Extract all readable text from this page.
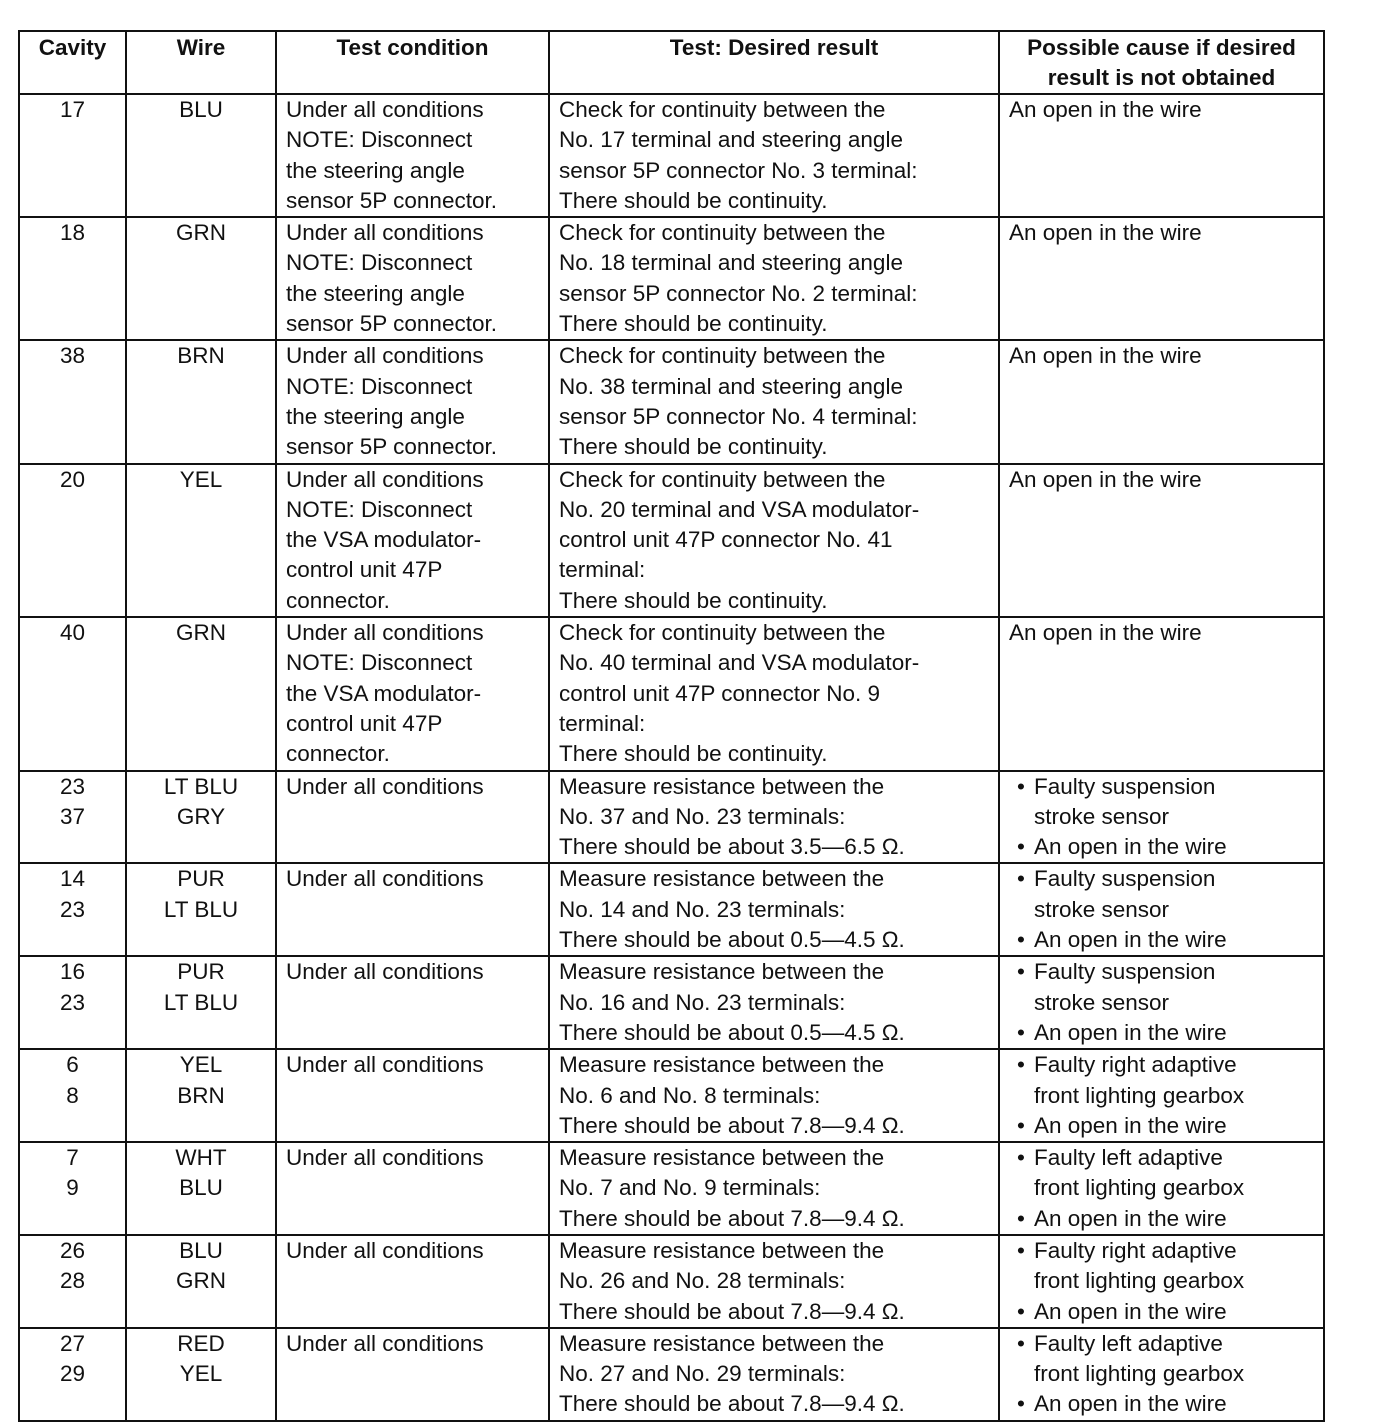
Cavity	Wire	Test condition	Test: Desired result	Possible cause if desired result is not obtained

17	BLU	Under all conditions
NOTE: Disconnect
the steering angle
sensor 5P connector.	Check for continuity between the
No. 17 terminal and steering angle
sensor 5P connector No. 3 terminal:
There should be continuity.	An open in the wire

18	GRN	Under all conditions
NOTE: Disconnect
the steering angle
sensor 5P connector.	Check for continuity between the
No. 18 terminal and steering angle
sensor 5P connector No. 2 terminal:
There should be continuity.	An open in the wire

38	BRN	Under all conditions
NOTE: Disconnect
the steering angle
sensor 5P connector.	Check for continuity between the
No. 38 terminal and steering angle
sensor 5P connector No. 4 terminal:
There should be continuity.	An open in the wire

20	YEL	Under all conditions
NOTE: Disconnect
the VSA modulator-
control unit 47P
connector.	Check for continuity between the
No. 20 terminal and VSA modulator-
control unit 47P connector No. 41
terminal:
There should be continuity.	An open in the wire

40	GRN	Under all conditions
NOTE: Disconnect
the VSA modulator-
control unit 47P
connector.	Check for continuity between the
No. 40 terminal and VSA modulator-
control unit 47P connector No. 9
terminal:
There should be continuity.	An open in the wire

23
37	LT BLU
GRY	Under all conditions	Measure resistance between the
No. 37 and No. 23 terminals:
There should be about 3.5—6.5 Ω.	• Faulty suspension
stroke sensor
• An open in the wire

14
23	PUR
LT BLU	Under all conditions	Measure resistance between the
No. 14 and No. 23 terminals:
There should be about 0.5—4.5 Ω.	• Faulty suspension
stroke sensor
• An open in the wire

16
23	PUR
LT BLU	Under all conditions	Measure resistance between the
No. 16 and No. 23 terminals:
There should be about 0.5—4.5 Ω.	• Faulty suspension
stroke sensor
• An open in the wire

6
8	YEL
BRN	Under all conditions	Measure resistance between the
No. 6 and No. 8 terminals:
There should be about 7.8—9.4 Ω.	• Faulty right adaptive
front lighting gearbox
• An open in the wire

7
9	WHT
BLU	Under all conditions	Measure resistance between the
No. 7 and No. 9 terminals:
There should be about 7.8—9.4 Ω.	• Faulty left adaptive
front lighting gearbox
• An open in the wire

26
28	BLU
GRN	Under all conditions	Measure resistance between the
No. 26 and No. 28 terminals:
There should be about 7.8—9.4 Ω.	• Faulty right adaptive
front lighting gearbox
• An open in the wire

27
29	RED
YEL	Under all conditions	Measure resistance between the
No. 27 and No. 29 terminals:
There should be about 7.8—9.4 Ω.	• Faulty left adaptive
front lighting gearbox
• An open in the wire
